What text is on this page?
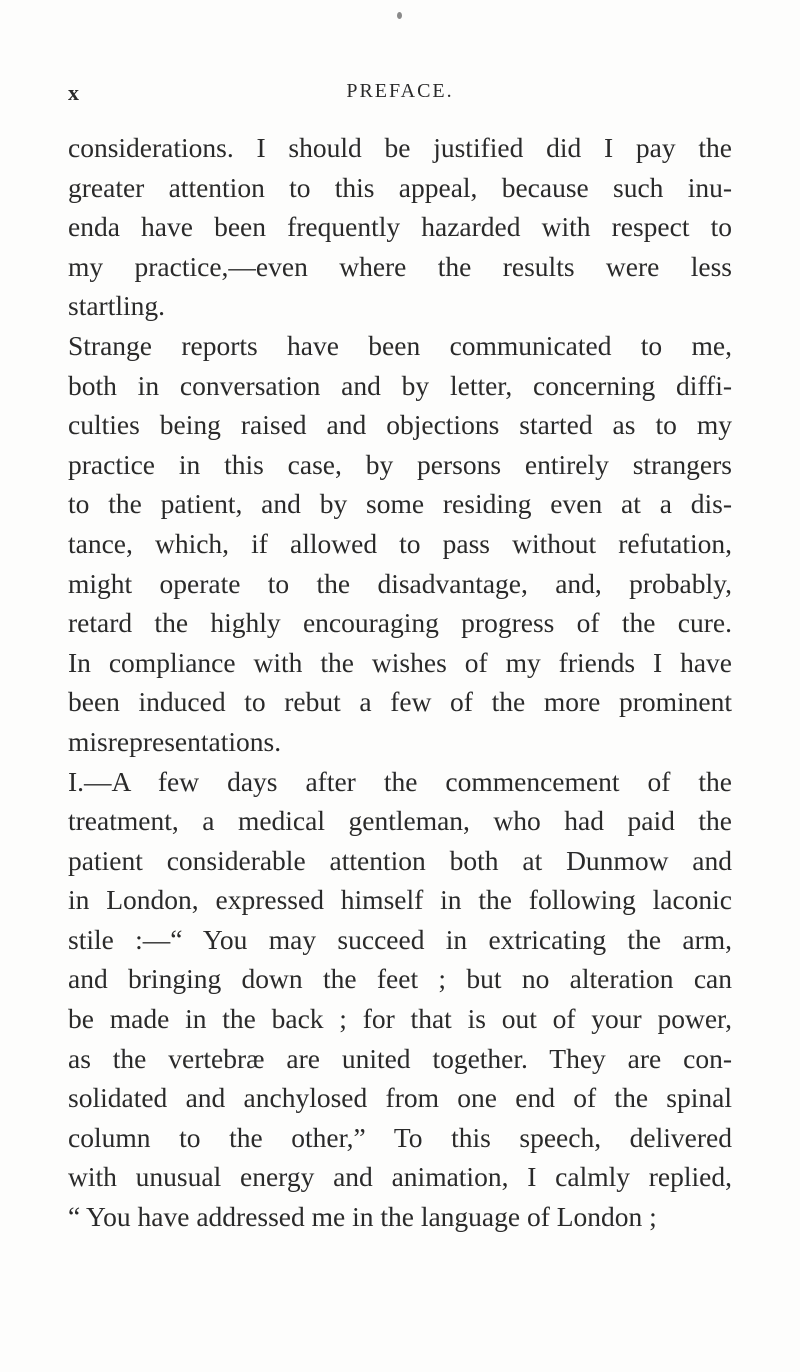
x	PREFACE.

considerations. I should be justified did I pay the
greater attention to this appeal, because such inu-
enda have been frequently hazarded with respect to
my practice,—even where the results were less
startling.

Strange reports have been communicated to me,
both in conversation and by letter, concerning diffi-
culties being raised and objections started as to my
practice in this case, by persons entirely strangers
to the patient, and by some residing even at a dis-
tance, which, if allowed to pass without refutation,
might operate to the disadvantage, and, probably,
retard the highly encouraging progress of the cure.
In compliance with the wishes of my friends I have
been induced to rebut a few of the more prominent
misrepresentations.

I.—A few days after the commencement of the
treatment, a medical gentleman, who had paid the
patient considerable attention both at Dunmow and
in London, expressed himself in the following laconic
stile :—“ You may succeed in extricating the arm,
and bringing down the feet ; but no alteration can
be made in the back ; for that is out of your power,
as the vertebræ are united together. They are con-
solidated and anchylosed from one end of the spinal
column to the other,” To this speech, delivered
with unusual energy and animation, I calmly replied,
“ You have addressed me in the language of London ;
